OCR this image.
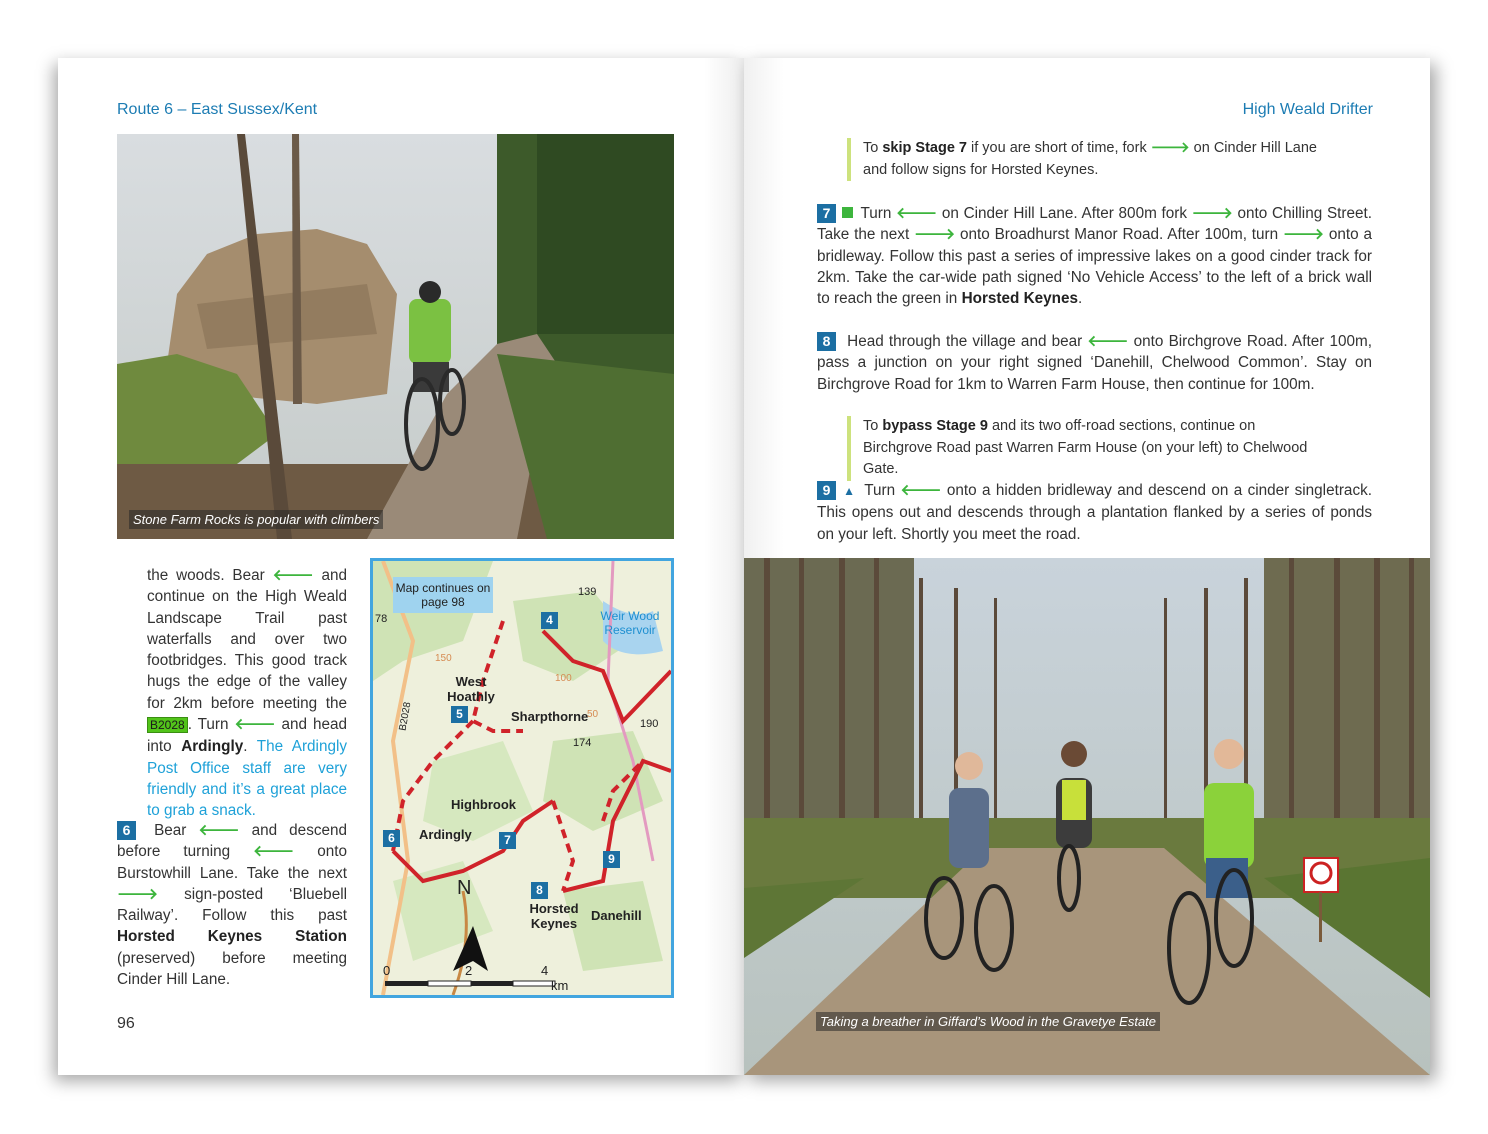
Route 6 – East Sussex/Kent
Stone Farm Rocks is popular with climbers
the woods. Bear 🡐 and continue on the High Weald Landscape Trail past waterfalls and over two footbridges. This good track hugs the edge of the valley for 2km before meeting the B2028 . Turn 🡐 and head into Ardingly. The Ardingly Post Office staff are very friendly and it’s a great place to grab a snack.
6 Bear 🡐 and descend before turning 🡐 onto Burstowhill Lane. Take the next 🡒 sign-posted ‘Bluebell Railway’. Follow this past Horsted Keynes Station (preserved) before meeting Cinder Hill Lane.
Map continues on page 98
West Hoathly
Sharpthorne
Highbrook
Ardingly
Horsted Keynes
Danehill
Weir Wood Reservoir
B2028
N
139
174
190
78
150
100
50
0	2	4
km
4
5
6	7
8
9
96
High Weald Drifter
To skip Stage 7 if you are short of time, fork 🡒 on Cinder Hill Lane and follow signs for Horsted Keynes.
7 Turn 🡐 on Cinder Hill Lane. After 800m fork 🡒 onto Chilling Street. Take the next 🡒 onto Broadhurst Manor Road. After 100m, turn 🡒 onto a bridleway. Follow this past a series of impressive lakes on a good cinder track for 2km. Take the car-wide path signed ‘No Vehicle Access’ to the left of a brick wall to reach the green in Horsted Keynes.
8 Head through the village and bear 🡐 onto Birchgrove Road. After 100m, pass a junction on your right signed ‘Danehill, Chelwood Common’. Stay on Birchgrove Road for 1km to Warren Farm House, then continue for 100m.
To bypass Stage 9 and its two off-road sections, continue on Birchgrove Road past Warren Farm House (on your left) to Chelwood Gate.
9 ▲ Turn 🡐 onto a hidden bridleway and descend on a cinder singletrack. This opens out and descends through a plantation flanked by a series of ponds on your left. Shortly you meet the road.
Taking a breather in Giffard’s Wood in the Gravetye Estate
